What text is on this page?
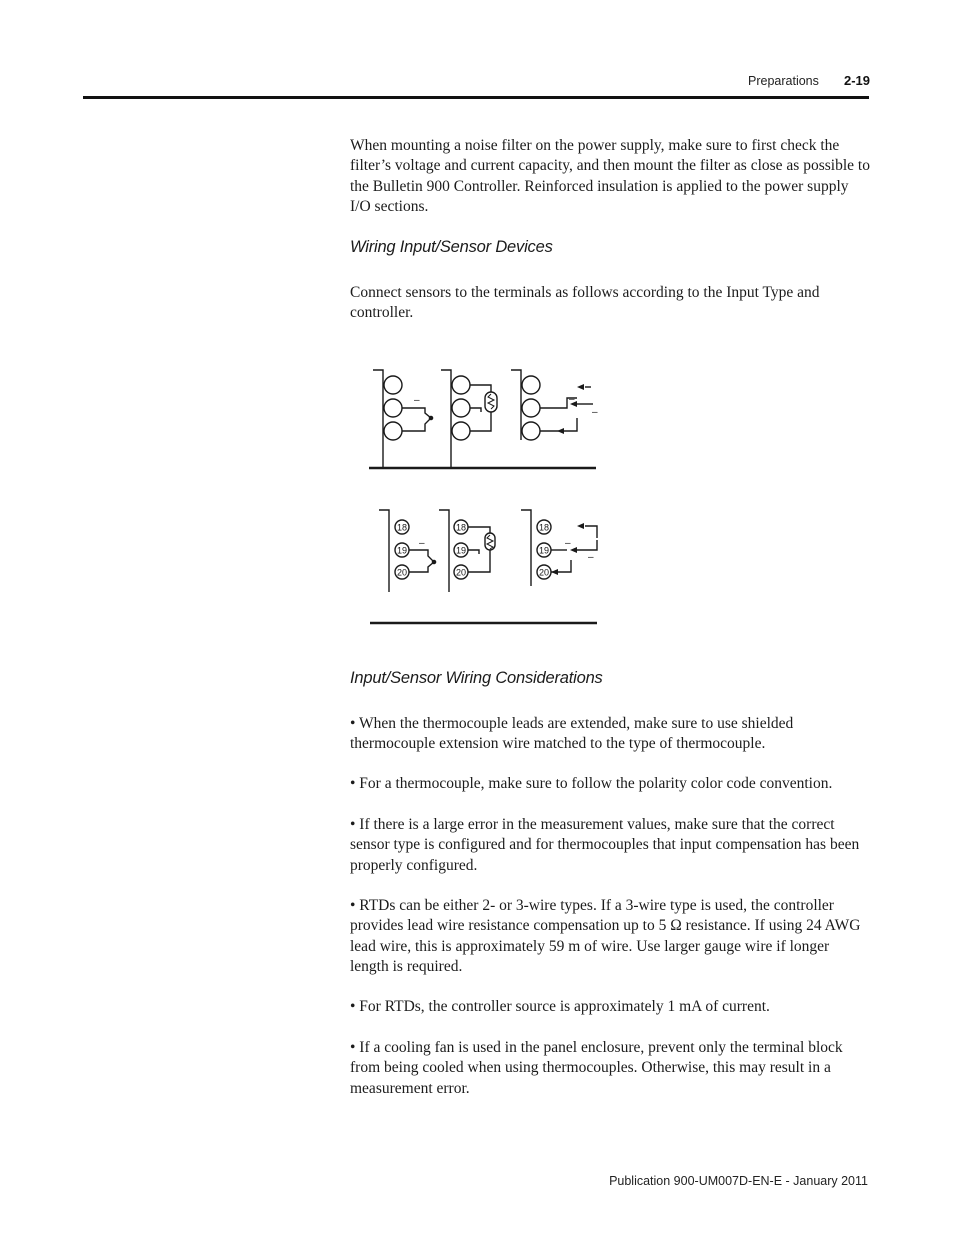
Preparations 2-19

When mounting a noise filter on the power supply, make sure to first check the filter’s voltage and current capacity, and then mount the filter as close as possible to the Bulletin 900 Controller. Reinforced insulation is applied to the power supply I/O sections.

Wiring Input/Sensor Devices

Connect sensors to the terminals as follows according to the Input Type and controller.

–	–
–
18
19
20
–
18
19
20
18
19
20
–
–
Input/Sensor Wiring Considerations

• When the thermocouple leads are extended, make sure to use shielded thermocouple extension wire matched to the type of thermocouple.

• For a thermocouple, make sure to follow the polarity color code convention.

• If there is a large error in the measurement values, make sure that the correct sensor type is configured and for thermocouples that input compensation has been properly configured.

• RTDs can be either 2- or 3-wire types. If a 3-wire type is used, the controller provides lead wire resistance compensation up to 5 Ω resistance. If using 24 AWG lead wire, this is approximately 59 m of wire. Use larger gauge wire if longer length is required.

• For RTDs, the controller source is approximately 1 mA of current.

• If a cooling fan is used in the panel enclosure, prevent only the terminal block from being cooled when using thermocouples. Otherwise, this may result in a measurement error.

Publication 900-UM007D-EN-E - January 2011
